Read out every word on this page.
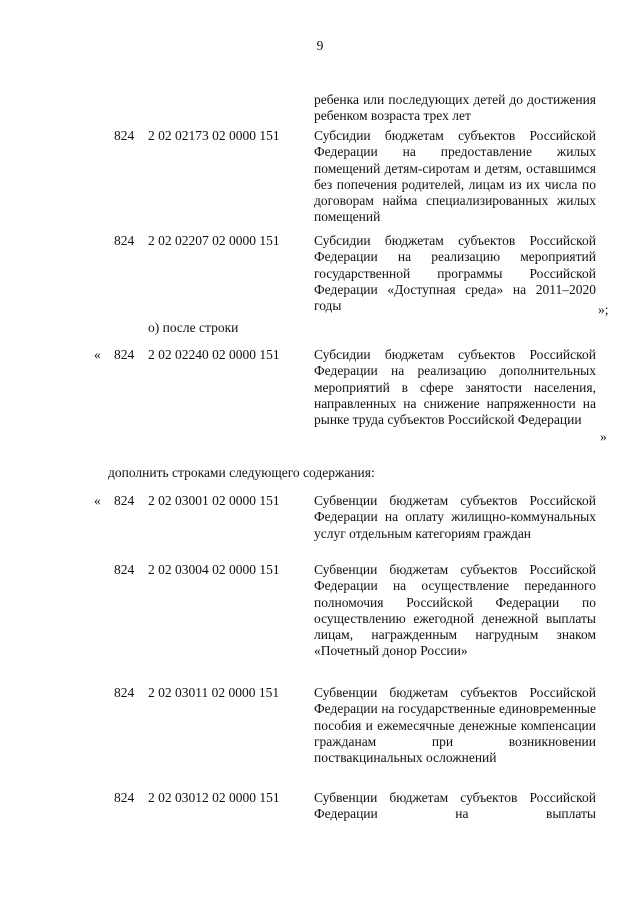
9
ребенка или последующих детей до достижения ребенком возраста трех лет
824 2 02 02173 02 0000 151	Субсидии бюджетам субъектов Российской Федерации на предоставление жилых помещений детям-сиротам и детям, оставшимся без попечения родителей, лицам из их числа по договорам найма специализированных жилых помещений
824 2 02 02207 02 0000 151	Субсидии бюджетам субъектов Российской Федерации на реализацию мероприятий государственной программы Российской Федерации «Доступная среда» на 2011–2020 годы	»;
о) после строки
« 824 2 02 02240 02 0000 151	Субсидии бюджетам субъектов Российской Федерации на реализацию дополнительных мероприятий в сфере занятости населения, направленных на снижение напряженности на рынке труда субъектов Российской Федерации
»
дополнить строками следующего содержания:
« 824 2 02 03001 02 0000 151	Субвенции бюджетам субъектов Российской Федерации на оплату жилищно-коммунальных услуг отдельным категориям граждан
824 2 02 03004 02 0000 151	Субвенции бюджетам субъектов Российской Федерации на осуществление переданного полномочия Российской Федерации по осуществлению ежегодной денежной выплаты лицам, награжденным нагрудным знаком «Почетный донор России»
824 2 02 03011 02 0000 151	Субвенции бюджетам субъектов Российской Федерации на государственные единовременные пособия и ежемесячные денежные компенсации гражданам при возникновении поствакцинальных осложнений
824 2 02 03012 02 0000 151	Субвенции бюджетам субъектов Российской Федерации на выплаты
